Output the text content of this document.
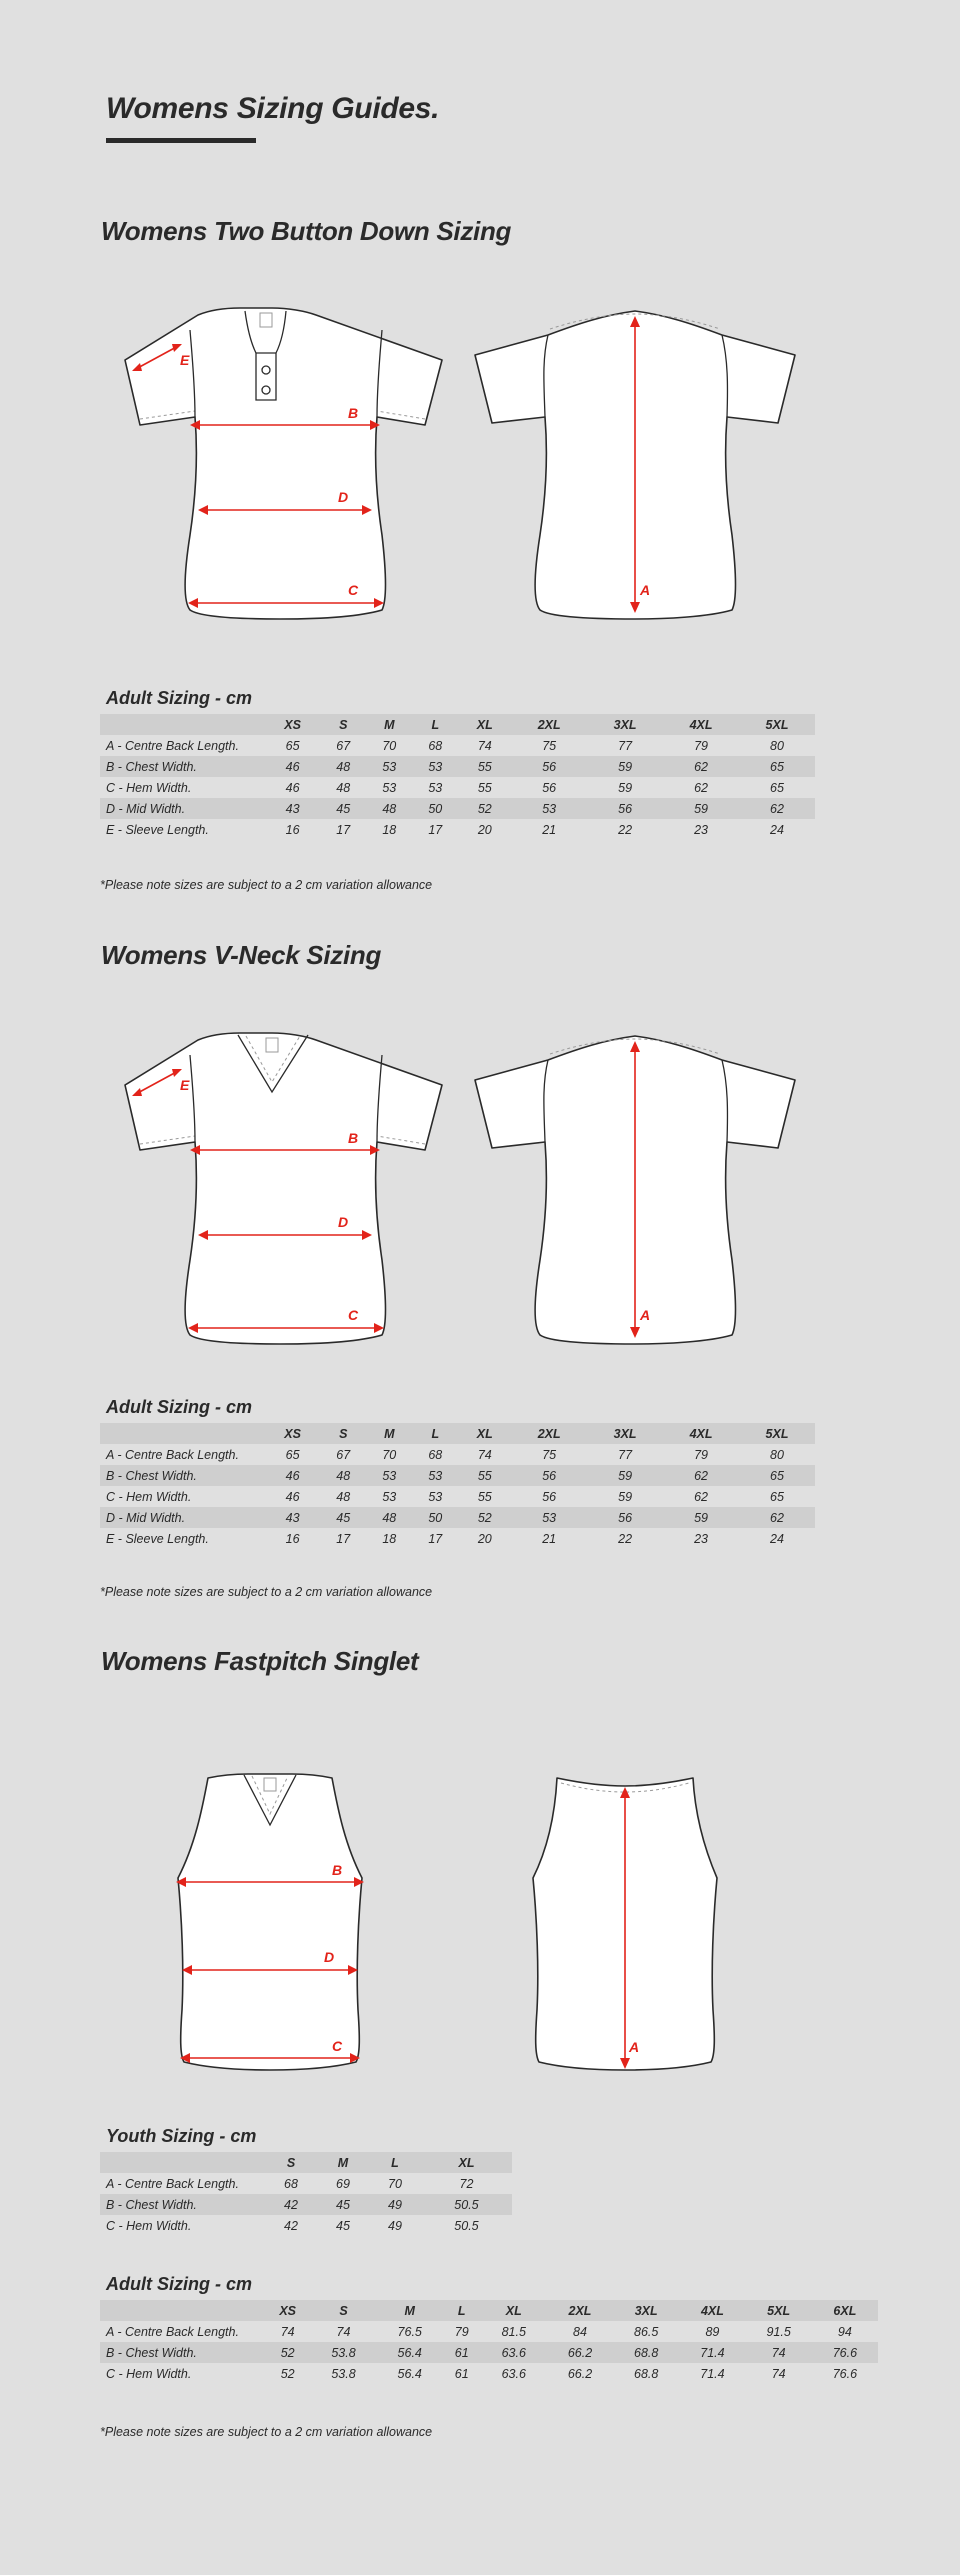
Womens Sizing Guides.
Womens Two Button Down Sizing
E
B
D
C	A
Adult Sizing - cm
	XS	S	M	L	XL	2XL	3XL	4XL	5XL
A - Centre Back Length.	65	67	70	68	74	75	77	79	80
B - Chest Width.	46	48	53	53	55	56	59	62	65
C - Hem Width.	46	48	53	53	55	56	59	62	65
D - Mid Width.	43	45	48	50	52	53	56	59	62
E - Sleeve Length.	16	17	18	17	20	21	22	23	24

*Please note sizes are subject to a 2 cm variation allowance

Womens V-Neck Sizing
E
B
D
C	A
Adult Sizing - cm
	XS	S	M	L	XL	2XL	3XL	4XL	5XL
A - Centre Back Length.	65	67	70	68	74	75	77	79	80
B - Chest Width.	46	48	53	53	55	56	59	62	65
C - Hem Width.	46	48	53	53	55	56	59	62	65
D - Mid Width.	43	45	48	50	52	53	56	59	62
E - Sleeve Length.	16	17	18	17	20	21	22	23	24

*Please note sizes are subject to a 2 cm variation allowance

Womens Fastpitch Singlet
B
D
C	A
Youth Sizing - cm
	S	M	L	XL
A - Centre Back Length.	68	69	70	72
B - Chest Width.	42	45	49	50.5
C - Hem Width.	42	45	49	50.5
Adult Sizing - cm
	XS	S	M	L	XL	2XL	3XL	4XL	5XL	6XL
A - Centre Back Length.	74	74	76.5	79	81.5	84	86.5	89	91.5	94
B - Chest Width.	52	53.8	56.4	61	63.6	66.2	68.8	71.4	74	76.6
C - Hem Width.	52	53.8	56.4	61	63.6	66.2	68.8	71.4	74	76.6

*Please note sizes are subject to a 2 cm variation allowance
